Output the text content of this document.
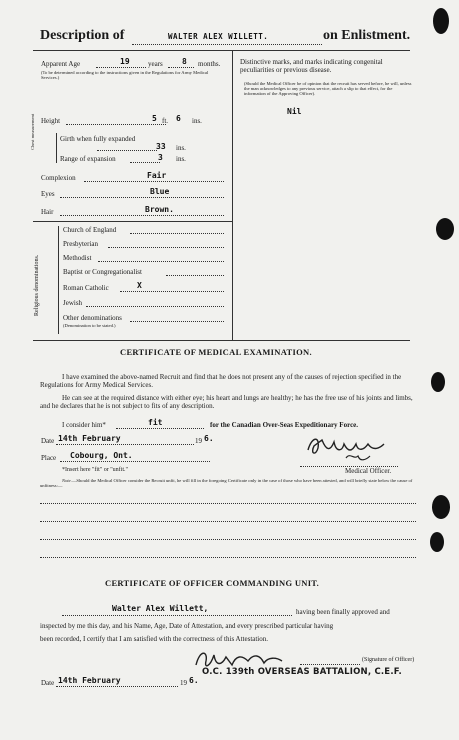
Description of	WALTER ALEX WILLETT.	on Enlistment.
Apparent Age	19	years 8 months.
(To be determined according to the instructions given in the Regulations for Army Medical Services.)
Distinctive marks, and marks indicating congenital peculiarities or previous disease.
(Should the Medical Officer be of opinion that the recruit has served before, he will, unless the man acknowledges to any previous service, attach a slip to that effect, for the information of the Approving Officer).
Nil
Height	5 ft. 6 ins.
Chest measurement	Girth when fully expanded
33 ins.
Range of expansion	3 ins.
Complexion	Fair
Eyes	Blue
Hair	Brown.
Religious denominations.
Church of England
Presbyterian
Methodist
Baptist or Congregationalist
Roman Catholic	X
Jewish
Other denominations
(Denomination to be stated.)
CERTIFICATE OF MEDICAL EXAMINATION.
I have examined the above-named Recruit and find that he does not present any of the causes of rejection specified in the Regulations for Army Medical Services.
He can see at the required distance with either eye; his heart and lungs are healthy; he has the free use of his joints and limbs, and he declares that he is not subject to fits of any description.
I consider him*	fit	for the Canadian Over-Seas Expeditionary Force.
Date 14th February	19 6.
Place Cobourg, Ont.
Medical Officer.
*Insert here "fit" or "unfit."
Note.—Should the Medical Officer consider the Recruit unfit, he will fill in the foregoing Certificate only in the case of those who have been attested, and will briefly state below the cause of unfitness:—
CERTIFICATE OF OFFICER COMMANDING UNIT.
Walter Alex Willett,	having been finally approved and
inspected by me this day, and his Name, Age, Date of Attestation, and every prescribed particular having
been recorded, I certify that I am satisfied with the correctness of this Attestation.
(Signature of Officer)
O.C. 139th OVERSEAS BATTALION, C.E.F.
Date 14th February	19 6.
